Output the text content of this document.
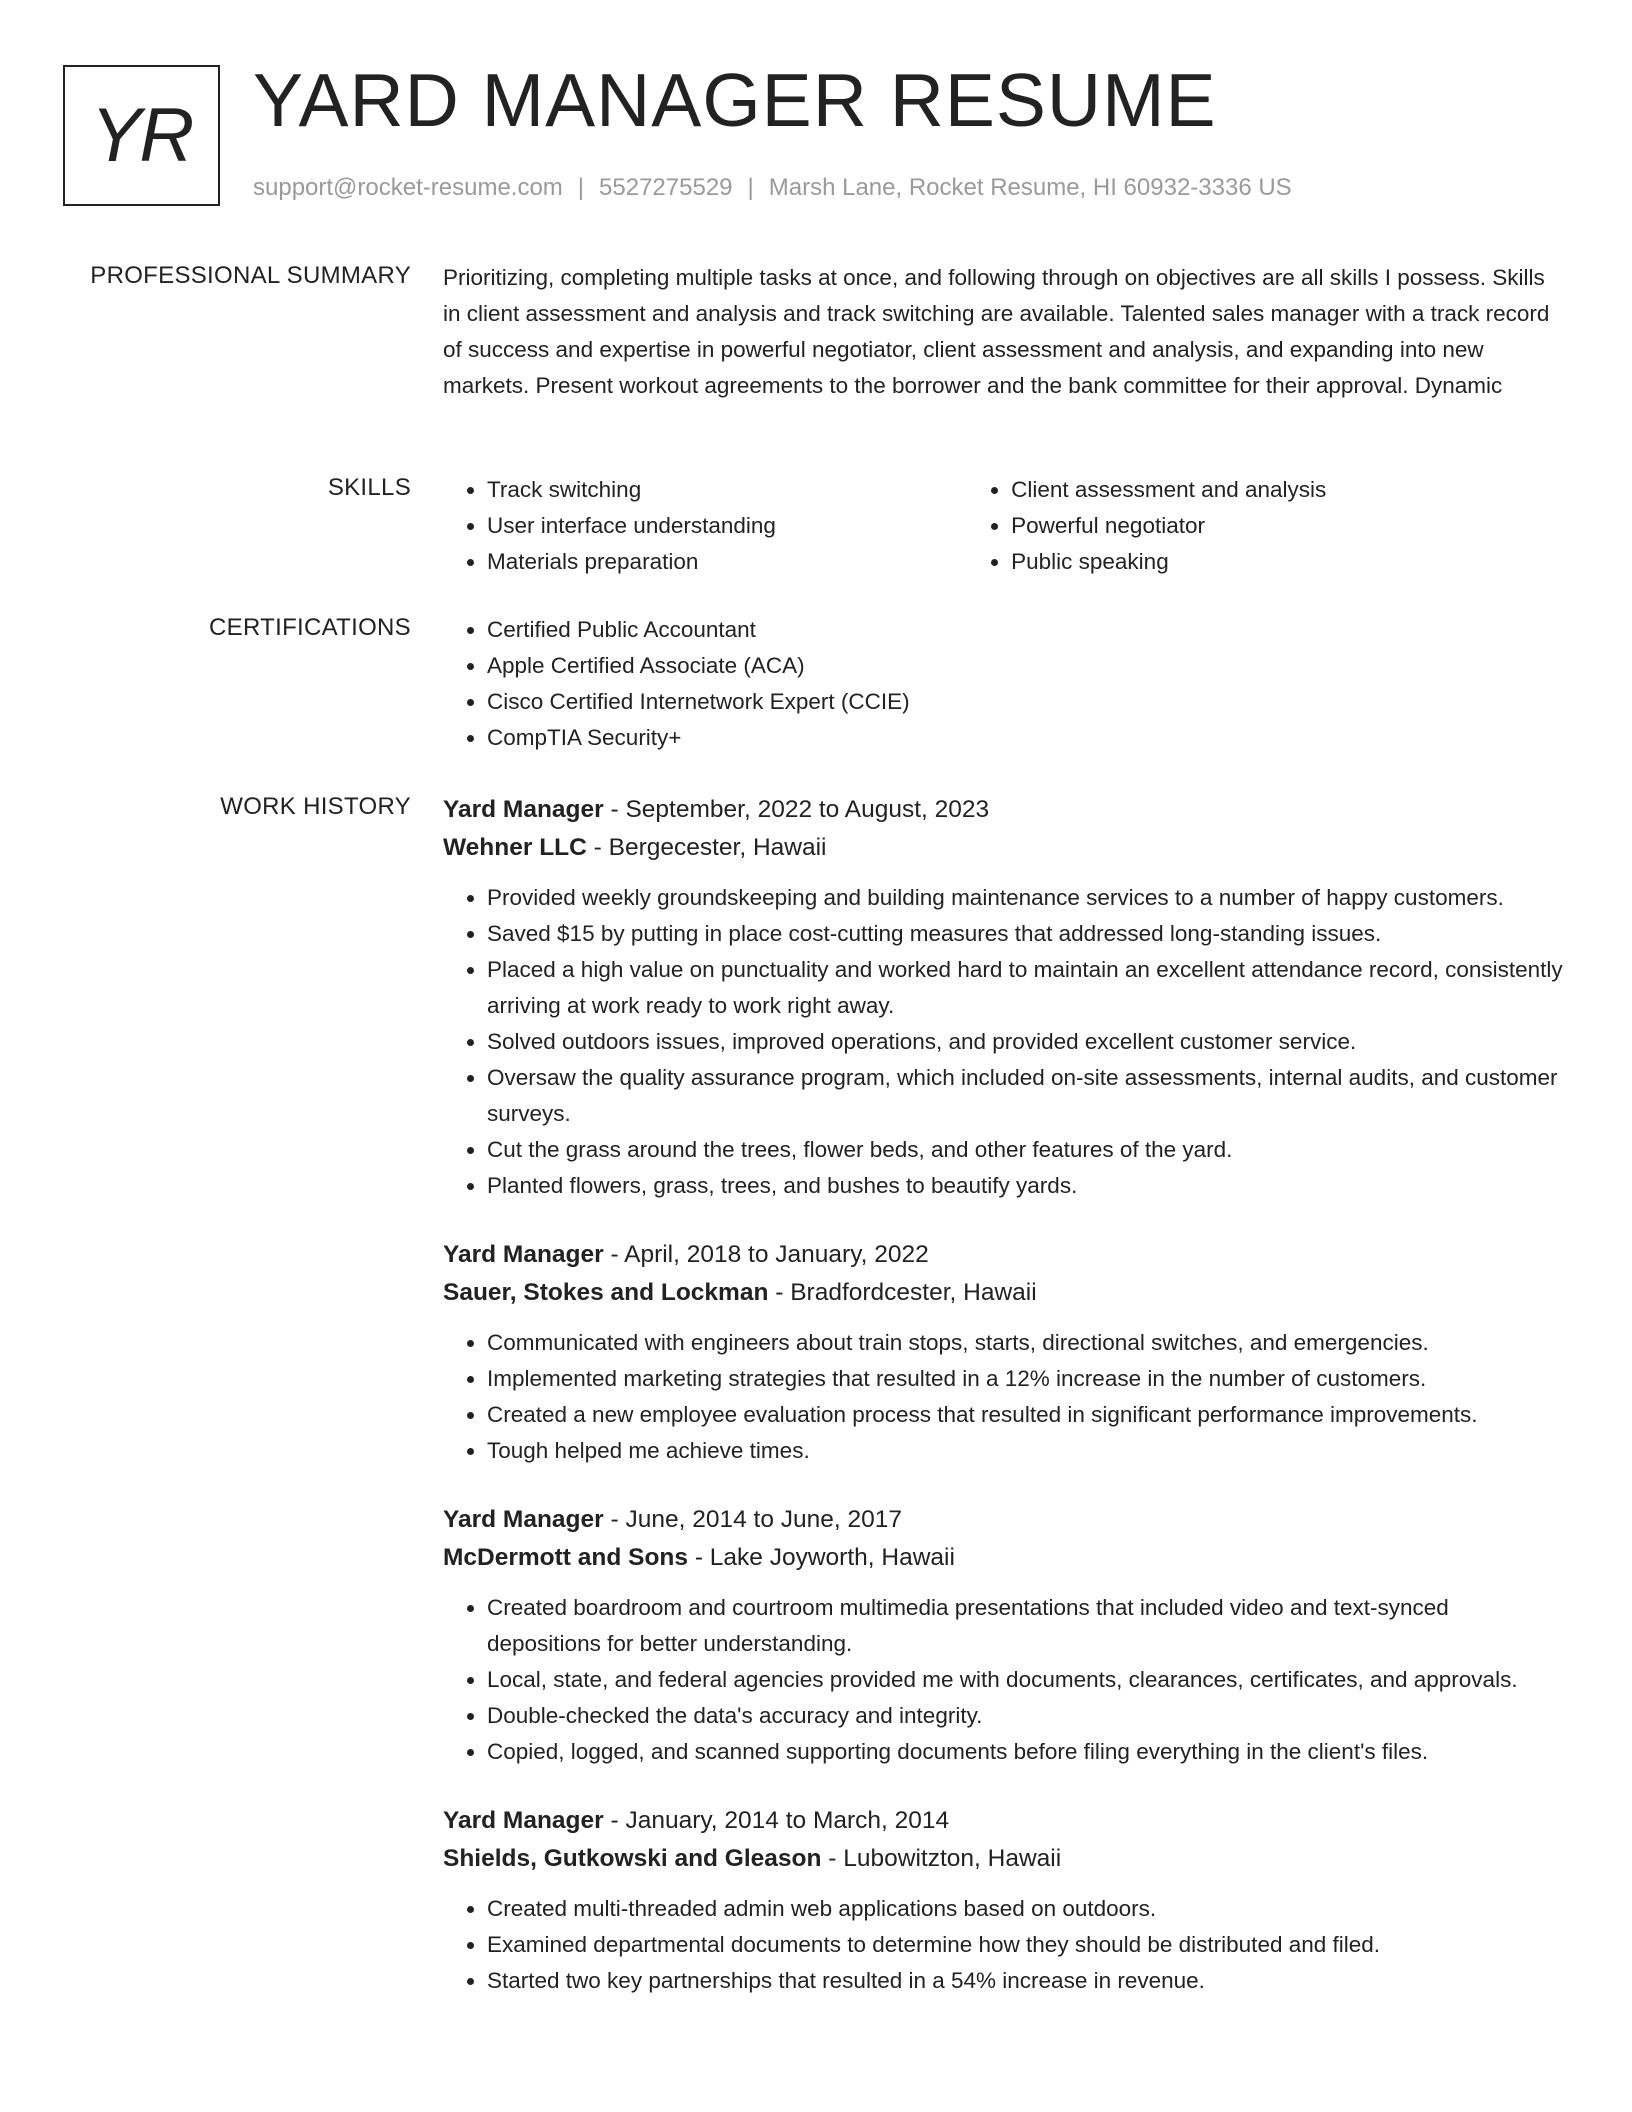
YR YARD MANAGER RESUME
support@rocket-resume.com | 5527275529 | Marsh Lane, Rocket Resume, HI 60932-3336 US
PROFESSIONAL SUMMARY Prioritizing, completing multiple tasks at once, and following through on objectives are all skills I possess. Skills in client assessment and analysis and track switching are available. Talented sales manager with a track record of success and expertise in powerful negotiator, client assessment and analysis, and expanding into new markets. Present workout agreements to the borrower and the bank committee for their approval. Dynamic

SKILLS	• Track switching
• User interface understanding
• Materials preparation
• Client assessment and analysis
• Powerful negotiator
• Public speaking
CERTIFICATIONS	• Certified Public Accountant
• Apple Certified Associate (ACA)
• Cisco Certified Internetwork Expert (CCIE)
• CompTIA Security+
WORK HISTORY Yard Manager - September, 2022 to August, 2023
Wehner LLC - Bergecester, Hawaii
• Provided weekly groundskeeping and building maintenance services to a number of happy customers.
• Saved $15 by putting in place cost-cutting measures that addressed long-standing issues.
• Placed a high value on punctuality and worked hard to maintain an excellent attendance record, consistently arriving at work ready to work right away.
• Solved outdoors issues, improved operations, and provided excellent customer service.
• Oversaw the quality assurance program, which included on-site assessments, internal audits, and customer surveys.
• Cut the grass around the trees, flower beds, and other features of the yard.
• Planted flowers, grass, trees, and bushes to beautify yards.
Yard Manager - April, 2018 to January, 2022
Sauer, Stokes and Lockman - Bradfordcester, Hawaii
• Communicated with engineers about train stops, starts, directional switches, and emergencies.
• Implemented marketing strategies that resulted in a 12% increase in the number of customers.
• Created a new employee evaluation process that resulted in significant performance improvements.
• Tough helped me achieve times.
Yard Manager - June, 2014 to June, 2017
McDermott and Sons - Lake Joyworth, Hawaii
• Created boardroom and courtroom multimedia presentations that included video and text-synced depositions for better understanding.
• Local, state, and federal agencies provided me with documents, clearances, certificates, and approvals.
• Double-checked the data's accuracy and integrity.
• Copied, logged, and scanned supporting documents before filing everything in the client's files.
Yard Manager - January, 2014 to March, 2014
Shields, Gutkowski and Gleason - Lubowitzton, Hawaii
• Created multi-threaded admin web applications based on outdoors.
• Examined departmental documents to determine how they should be distributed and filed.
• Started two key partnerships that resulted in a 54% increase in revenue.
